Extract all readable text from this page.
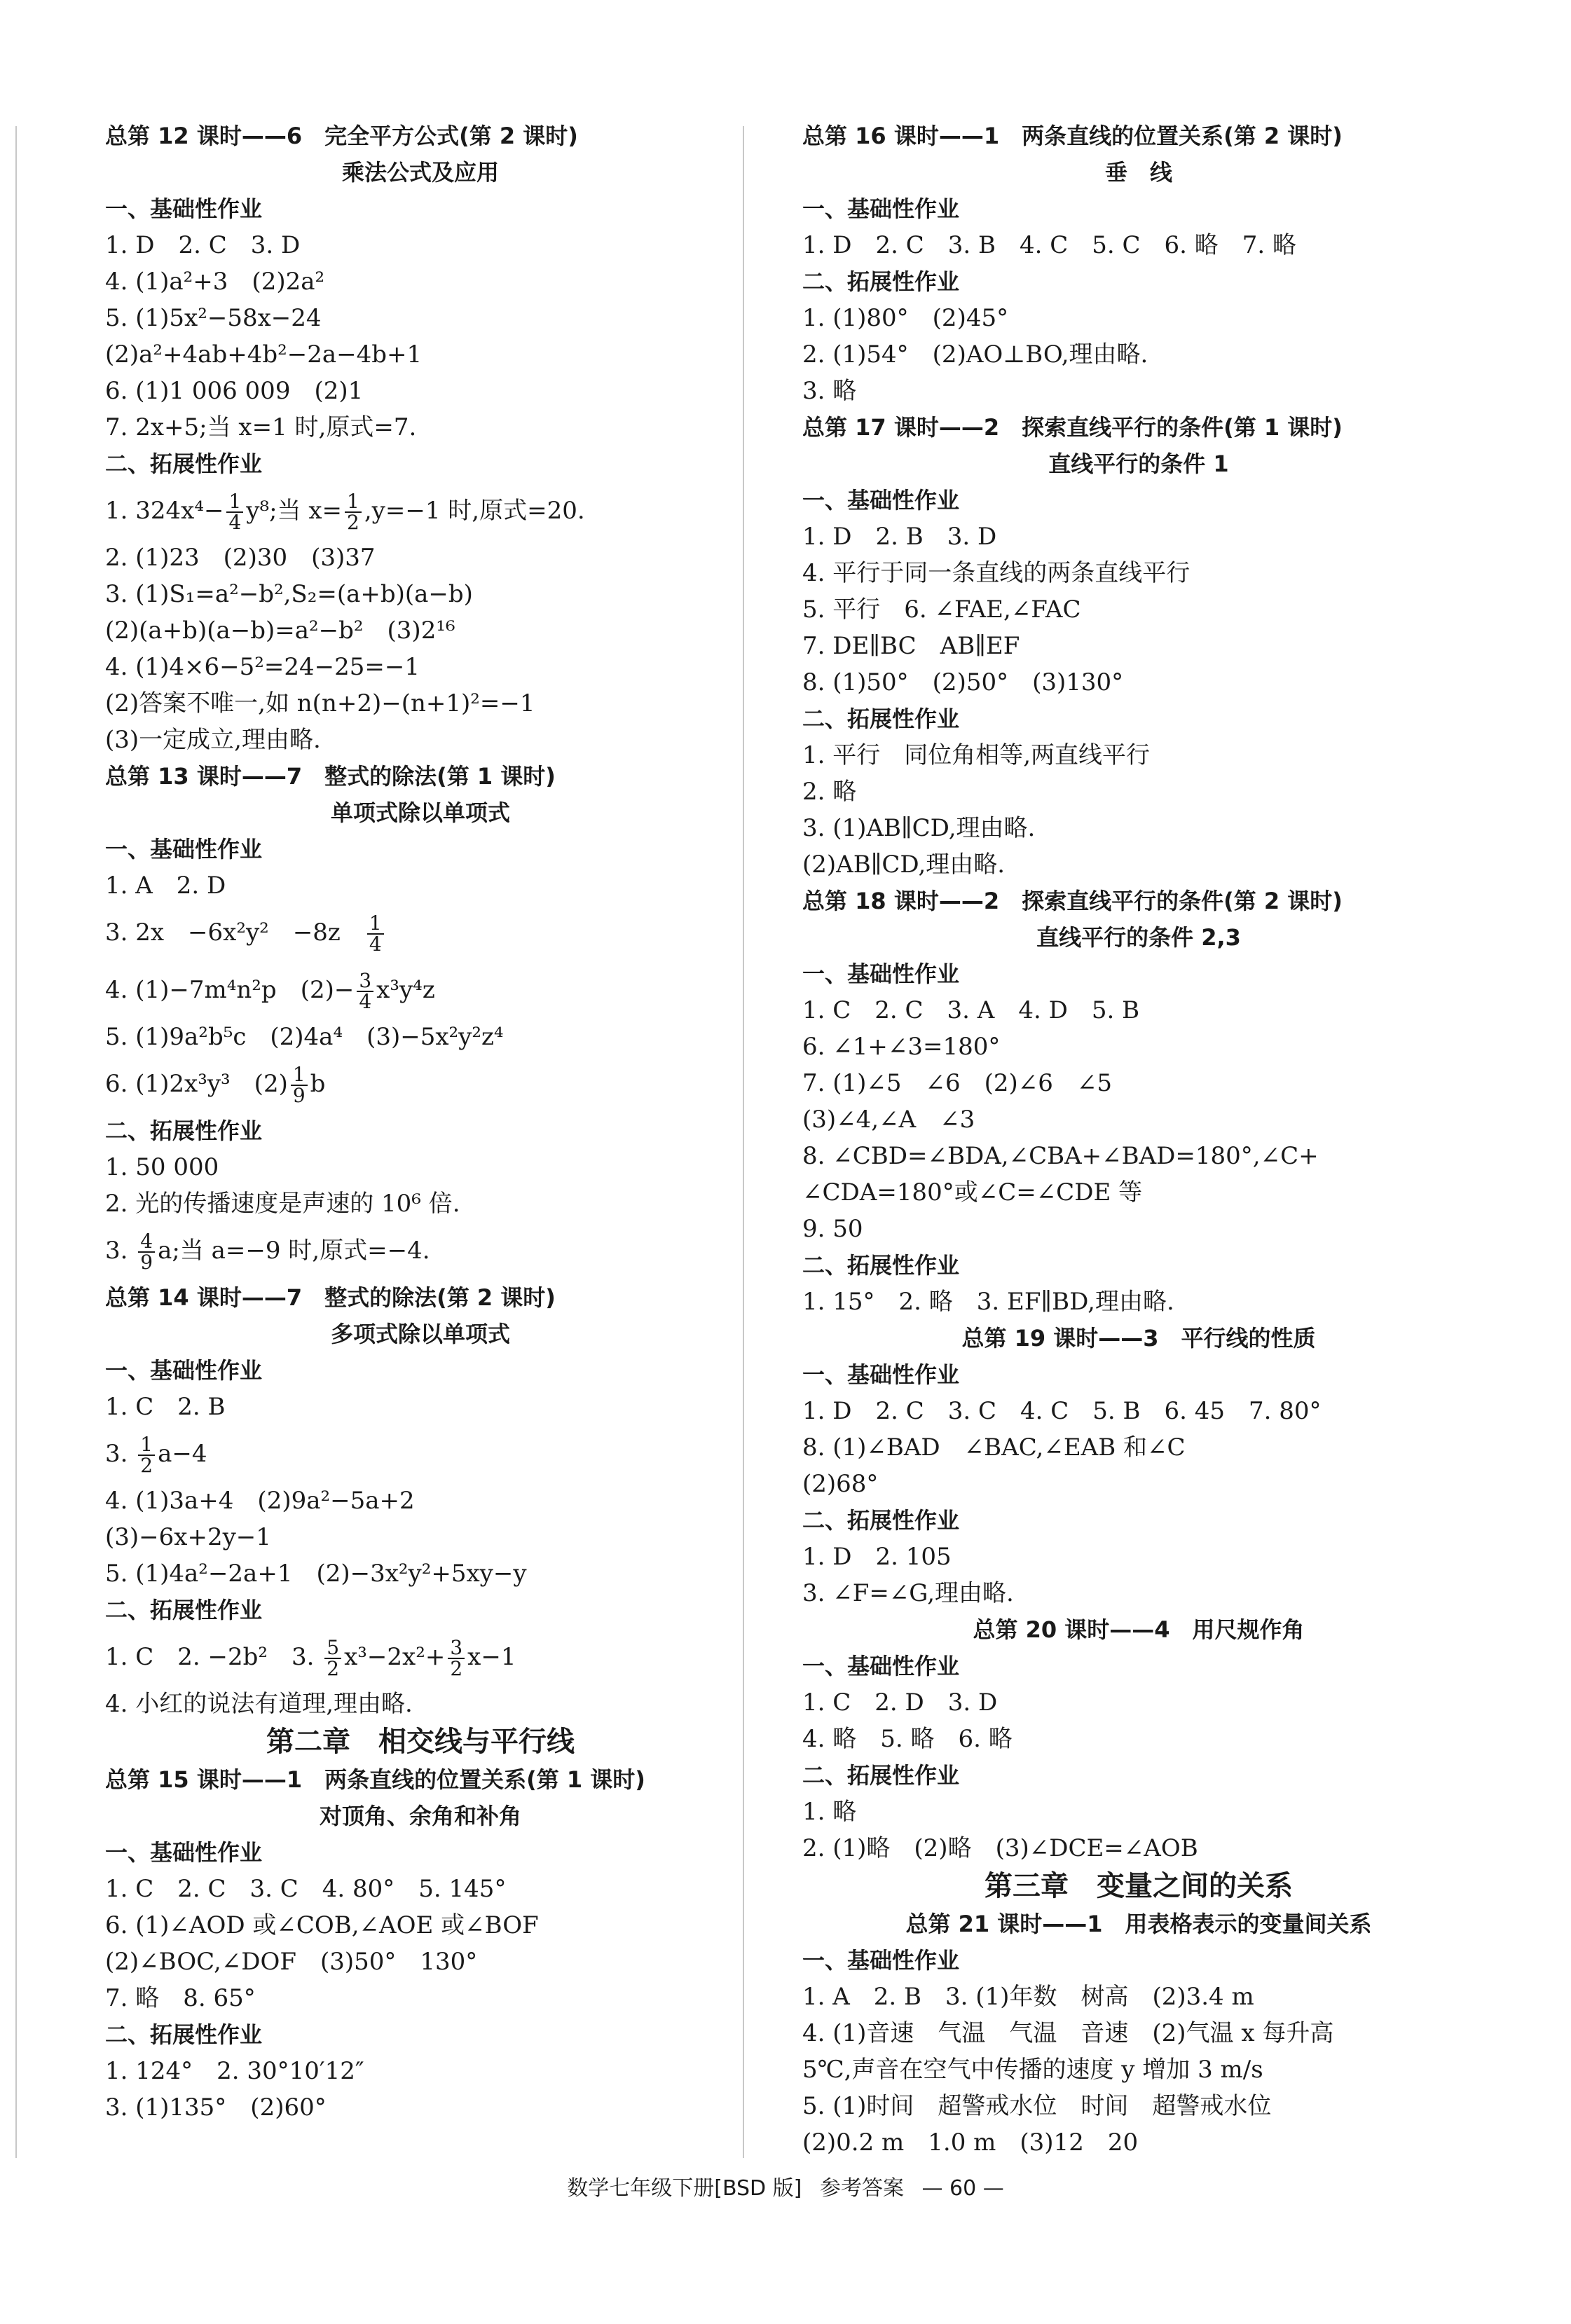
总第 12 课时——6　完全平方公式(第 2 课时)
乘法公式及应用
一、基础性作业
1. D　2. C　3. D
4. (1)a²+3　(2)2a²
5. (1)5x²−58x−24
(2)a²+4ab+4b²−2a−4b+1
6. (1)1 006 009　(2)1
7. 2x+5;当 x=1 时,原式=7.
二、拓展性作业
1. $324x^4- \frac{1}{4} y^8$;当 $x= \frac{1}{2} ,y=-1$ 时,原式=20.
2. (1)23　(2)30　(3)37
3. (1)S₁=a²−b²,S₂=(a+b)(a−b)
(2)(a+b)(a−b)=a²−b²　(3)2¹⁶
4. (1)4×6−5²=24−25=−1
(2)答案不唯一,如 n(n+2)−(n+1)²=−1
(3)一定成立,理由略.
总第 13 课时——7　整式的除法(第 1 课时)
单项式除以单项式
一、基础性作业
1. A　2. D
3. 2x　−6x²y²　−8z　 $\frac{1}{4}$
4. (1)−7m⁴n²p　$(2)- \frac{3}{4} x^3y^4z$
5. (1)9a²b⁵c　(2)4a⁴　(3)−5x²y²z⁴
6. (1)2x³y³　$(2) \frac{1}{9}$ b
二、拓展性作业
1. 50 000
2. 光的传播速度是声速的 10⁶ 倍.
3. $\frac{4}{9} a$;当 a=−9 时,原式=−4.
总第 14 课时——7　整式的除法(第 2 课时)
多项式除以单项式
一、基础性作业
1. C　2. B
3. $\frac{1}{2} a-4$
4. (1)3a+4　(2)9a²−5a+2
(3)−6x+2y−1
5. (1)4a²−2a+1　(2)−3x²y²+5xy−y
二、拓展性作业
1. C　2. −2b²　3. $\frac{5}{2} x^3-2x^2+ \frac{3}{2} x-1$
4. 小红的说法有道理,理由略.
第二章　相交线与平行线
总第 15 课时——1　两条直线的位置关系(第 1 课时)
对顶角、余角和补角
一、基础性作业
1. C　2. C　3. C　4. 80°　5. 145°
6. (1)∠AOD 或∠COB,∠AOE 或∠BOF
(2)∠BOC,∠DOF　(3)50°　130°
7. 略　8. 65°
二、拓展性作业
1. 124°　2. 30°10′12″
3. (1)135°　(2)60°
总第 16 课时——1　两条直线的位置关系(第 2 课时)
垂　线
一、基础性作业
1. D　2. C　3. B　4. C　5. C　6. 略　7. 略
二、拓展性作业
1. (1)80°　(2)45°
2. (1)54°　(2)AO⊥BO,理由略.
3. 略
总第 17 课时——2　探索直线平行的条件(第 1 课时)
直线平行的条件 1
一、基础性作业
1. D　2. B　3. D
4. 平行于同一条直线的两条直线平行
5. 平行　6. ∠FAE,∠FAC
7. DE∥BC　AB∥EF
8. (1)50°　(2)50°　(3)130°
二、拓展性作业
1. 平行　同位角相等,两直线平行
2. 略
3. (1)AB∥CD,理由略.
(2)AB∥CD,理由略.
总第 18 课时——2　探索直线平行的条件(第 2 课时)
直线平行的条件 2,3
一、基础性作业
1. C　2. C　3. A　4. D　5. B
6. ∠1+∠3=180°
7. (1)∠5　∠6　(2)∠6　∠5
(3)∠4,∠A　∠3
8. ∠CBD=∠BDA,∠CBA+∠BAD=180°,∠C+
∠CDA=180°或∠C=∠CDE 等
9. 50
二、拓展性作业
1. 15°　2. 略　3. EF∥BD,理由略.
总第 19 课时——3　平行线的性质
一、基础性作业
1. D　2. C　3. C　4. C　5. B　6. 45　7. 80°
8. (1)∠BAD　∠BAC,∠EAB 和∠C
(2)68°
二、拓展性作业
1. D　2. 105
3. ∠F=∠G,理由略.
总第 20 课时——4　用尺规作角
一、基础性作业
1. C　2. D　3. D
4. 略　5. 略　6. 略
二、拓展性作业
1. 略
2. (1)略　(2)略　(3)∠DCE=∠AOB
第三章　变量之间的关系
总第 21 课时——1　用表格表示的变量间关系
一、基础性作业
1. A　2. B　3. (1)年数　树高　(2)3.4 m
4. (1)音速　气温　气温　音速　(2)气温 x 每升高
5℃,声音在空气中传播的速度 y 增加 3 m/s
5. (1)时间　超警戒水位　时间　超警戒水位
(2)0.2 m　1.0 m　(3)12　20
数学七年级下册[BSD 版] 参考答案 — 60 —
